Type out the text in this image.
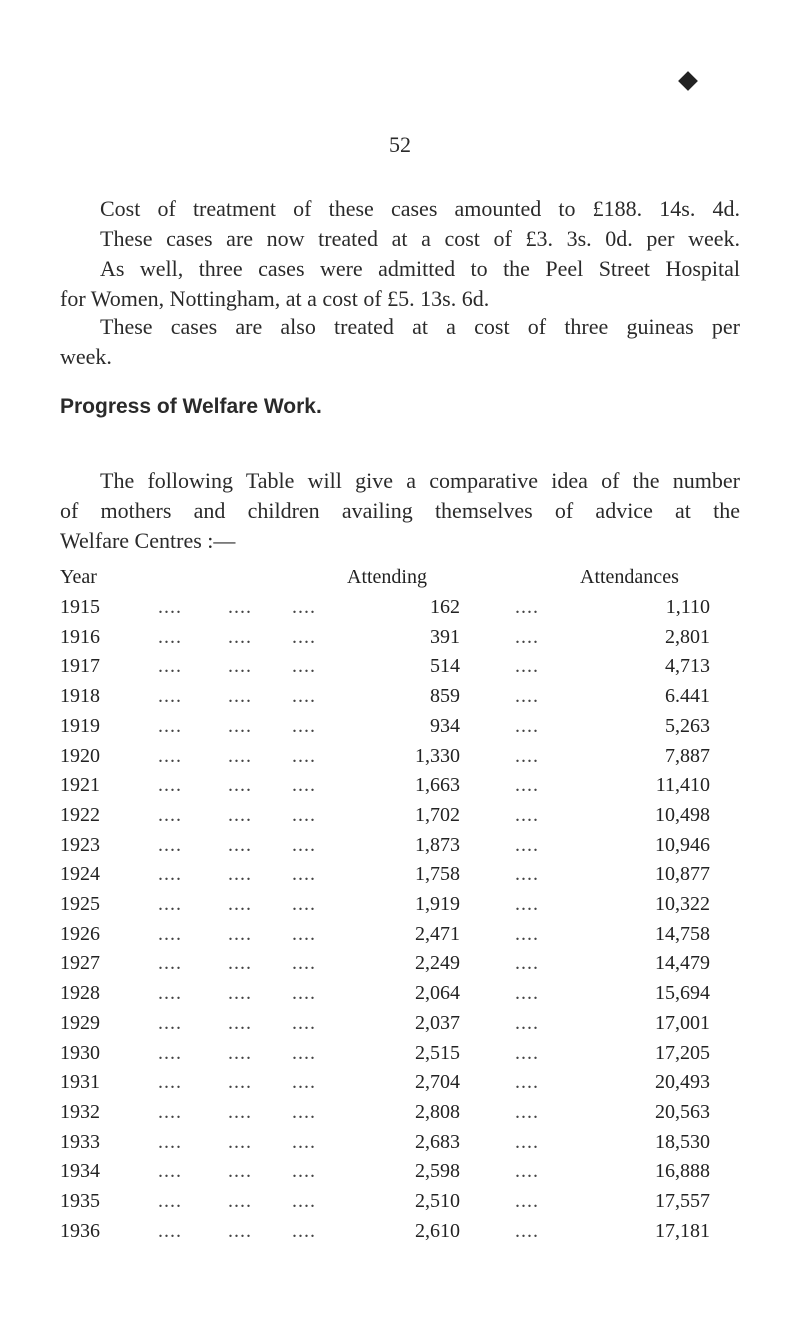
52
Cost of treatment of these cases amounted to £188. 14s. 4d.
These cases are now treated at a cost of £3. 3s. 0d. per week.
As well, three cases were admitted to the Peel Street Hospital
for Women, Nottingham, at a cost of £5. 13s. 6d.
These cases are also treated at a cost of three guineas per
week.
Progress of Welfare Work.
The following Table will give a comparative idea of the number
of mothers and children availing themselves of advice at the
Welfare Centres :—
Year	Attending	Attendances
1915	.... .... ....	162	....	1,110
1916	.... .... ....	391	....	2,801
1917	.... .... ....	514	....	4,713
1918	.... .... ....	859	....	6.441
1919	.... .... ....	934	....	5,263
1920	.... .... ....	1,330	....	7,887
1921	.... .... ....	1,663	....	11,410
1922	.... .... ....	1,702	....	10,498
1923	.... .... ....	1,873	....	10,946
1924	.... .... ....	1,758	....	10,877
1925	.... .... ....	1,919	....	10,322
1926	.... .... ....	2,471	....	14,758
1927	.... .... ....	2,249	....	14,479
1928	.... .... ....	2,064	....	15,694
1929	.... .... ....	2,037	....	17,001
1930	.... .... ....	2,515	....	17,205
1931	.... .... ....	2,704	....	20,493
1932	.... .... ....	2,808	....	20,563
1933	.... .... ....	2,683	....	18,530
1934	.... .... ....	2,598	....	16,888
1935	.... .... ....	2,510	....	17,557
1936	.... .... ....	2,610	....	17,181
